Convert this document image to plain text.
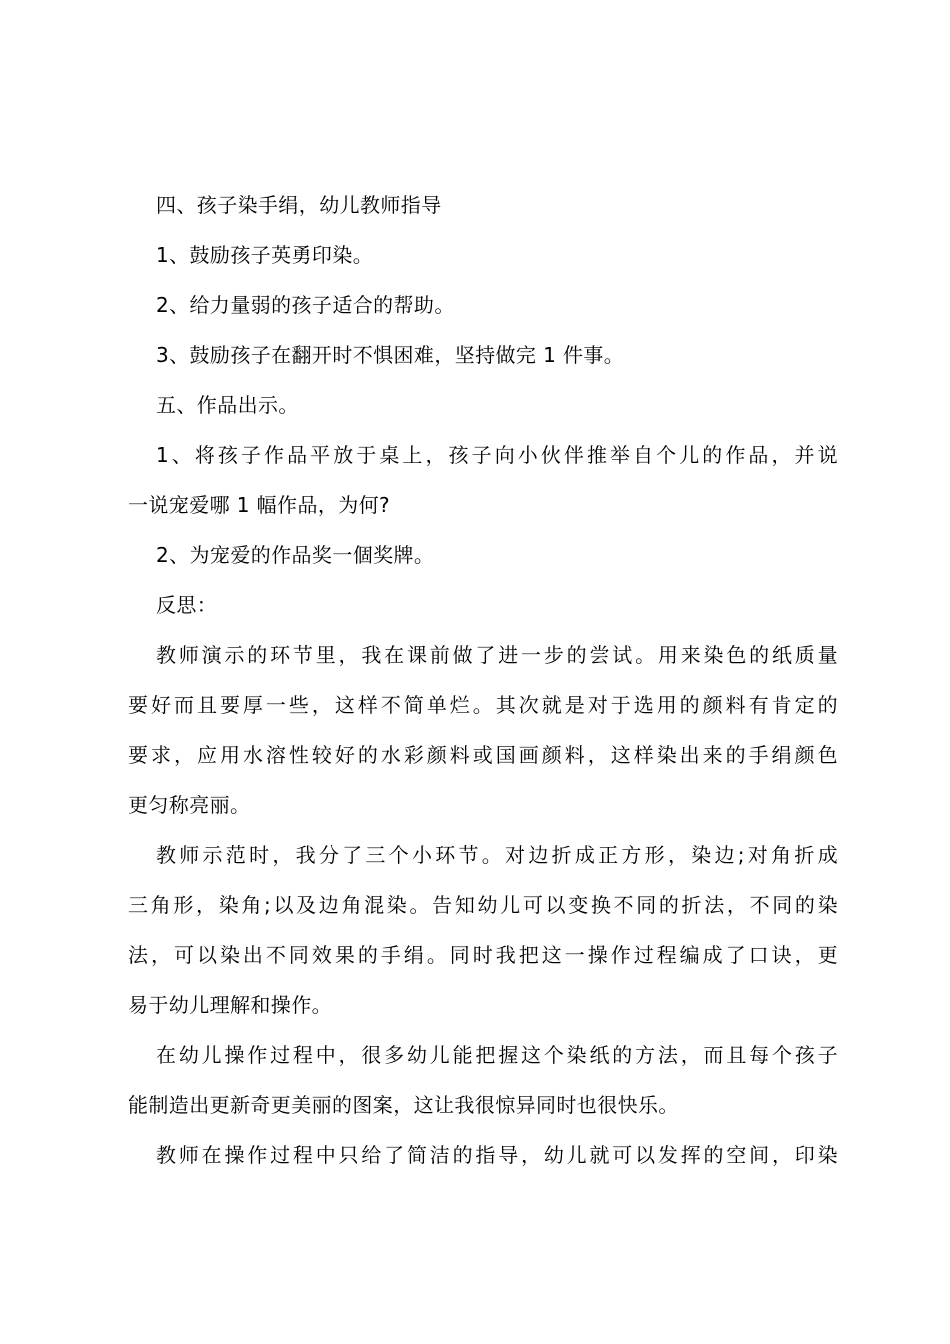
四、孩子染手绢，幼儿教师指导
1、鼓励孩子英勇印染。
2、给力量弱的孩子适合的帮助。
3、鼓励孩子在翻开时不惧困难，坚持做完 1 件事。
五、作品出示。
1、将孩子作品平放于桌上，孩子向小伙伴推举自个儿的作品，并说
一说宠爱哪 1 幅作品，为何?
2、为宠爱的作品奖一個奖牌。
反思：
教师演示的环节里，我在课前做了进一步的尝试。用来染色的纸质量
要好而且要厚一些，这样不简单烂。其次就是对于选用的颜料有肯定的
要求，应用水溶性较好的水彩颜料或国画颜料，这样染出来的手绢颜色
更匀称亮丽。
教师示范时，我分了三个小环节。对边折成正方形，染边;对角折成
三角形，染角;以及边角混染。告知幼儿可以变换不同的折法，不同的染
法，可以染出不同效果的手绢。同时我把这一操作过程编成了口诀，更
易于幼儿理解和操作。
在幼儿操作过程中，很多幼儿能把握这个染纸的方法，而且每个孩子
能制造出更新奇更美丽的图案，这让我很惊异同时也很快乐。
教师在操作过程中只给了简洁的指导，幼儿就可以发挥的空间，印染
